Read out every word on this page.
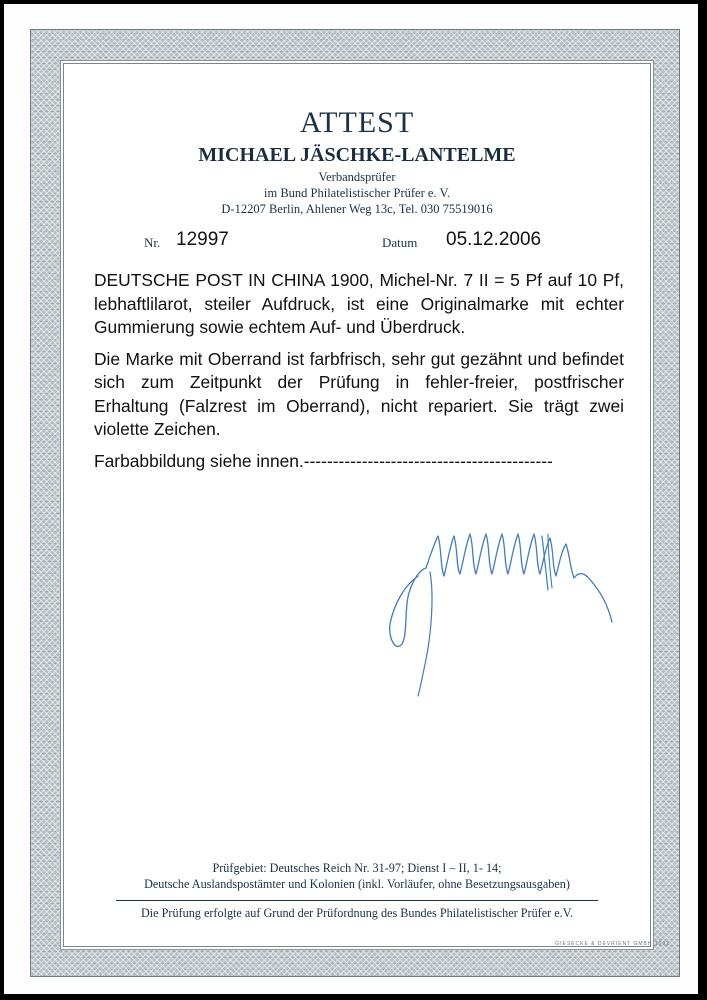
ATTEST
MICHAEL JÄSCHKE-LANTELME
Verbandsprüfer
im Bund Philatelistischer Prüfer e. V.
D-12207 Berlin, Ahlener Weg 13c, Tel. 030 75519016
Nr. 12997	Datum 05.12.2006

DEUTSCHE POST IN CHINA 1900, Michel-Nr. 7 II = 5 Pf auf 10 Pf, lebhaftlilarot, steiler Aufdruck, ist eine Originalmarke mit echter Gummierung sowie echtem Auf- und Überdruck.

Die Marke mit Oberrand ist farbfrisch, sehr gut gezähnt und befindet sich zum Zeitpunkt der Prüfung in fehler-freier, postfrischer Erhaltung (Falzrest im Oberrand), nicht repariert. Sie trägt zwei violette Zeichen.

Farbabbildung siehe innen.-------------------------------------------

Prüfgebiet: Deutsches Reich Nr. 31-97; Dienst I – II, 1- 14;
Deutsche Auslandspostämter und Kolonien (inkl. Vorläufer, ohne Besetzungsausgaben)
Die Prüfung erfolgte auf Grund der Prüfordnung des Bundes Philatelistischer Prüfer e.V.
GIESECKE & DEVRIENT GMBH 1992
